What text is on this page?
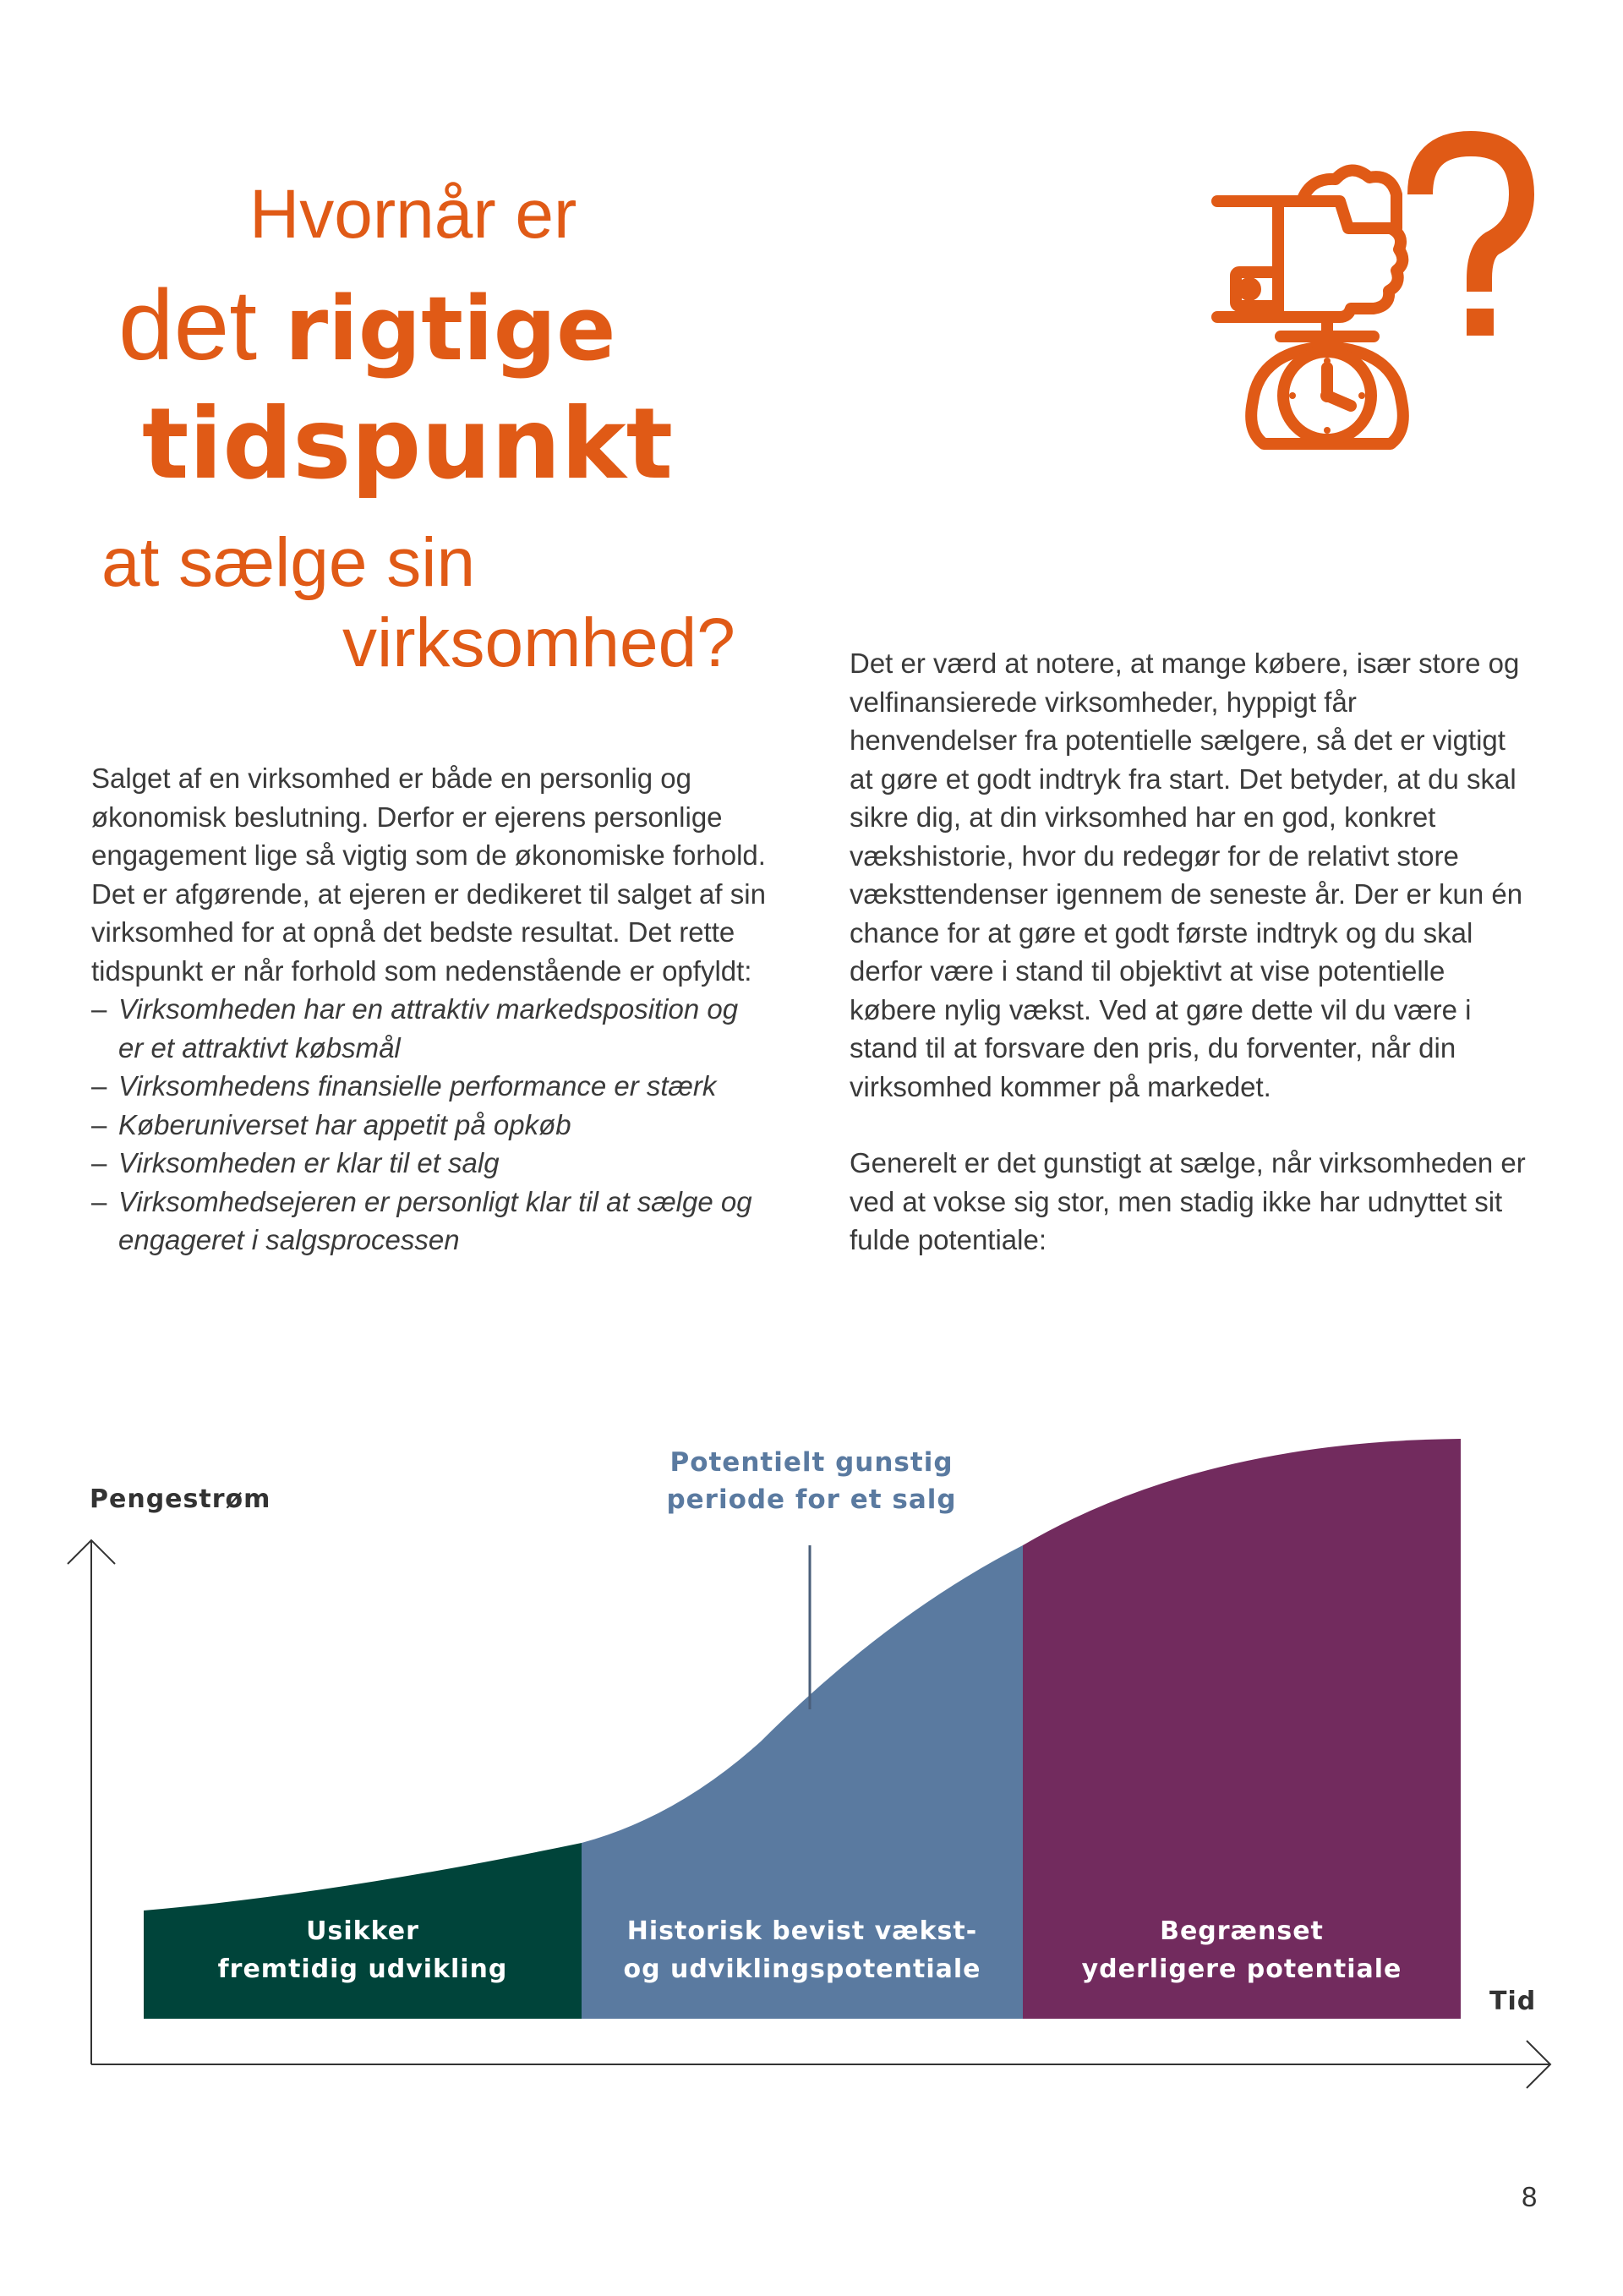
Hvornår er
det rigtige
tidspunkt
at sælge sin
virksomhed?

Salget af en virksomhed er både en personlig og økonomisk beslutning. Derfor er ejerens personlige engagement lige så vigtig som de økonomiske forhold. Det er afgørende, at ejeren er dedikeret til salget af sin virksomhed for at opnå det bedste resultat. Det rette tidspunkt er når forhold som nedenstående er opfyldt:

– Virksomheden har en attraktiv markedsposition og er et attraktivt købsmål
– Virksomhedens finansielle performance er stærk
– Køberuniverset har appetit på opkøb
– Virksomheden er klar til et salg
– Virksomhedsejeren er personligt klar til at sælge og engageret i salgsprocessen

Det er værd at notere, at mange købere, især store og velfinansierede virksomheder, hyppigt får henvendelser fra potentielle sælgere, så det er vigtigt at gøre et godt indtryk fra start. Det betyder, at du skal sikre dig, at din virksomhed har en god, konkret vækshistorie, hvor du redegør for de relativt store væksttendenser igennem de seneste år. Der er kun én chance for at gøre et godt første indtryk og du skal derfor være i stand til objektivt at vise potentielle købere nylig vækst. Ved at gøre dette vil du være i stand til at forsvare den pris, du forventer, når din virksomhed kommer på markedet.

Generelt er det gunstigt at sælge, når virksomheden er ved at vokse sig stor, men stadig ikke har udnyttet sit fulde potentiale:

Pengestrøm
Tid
Potentielt gunstig
periode for et salg
Usikker
fremtidig udvikling
Historisk bevist vækst-
og udviklingspotentiale
Begrænset
yderligere potentiale
8
